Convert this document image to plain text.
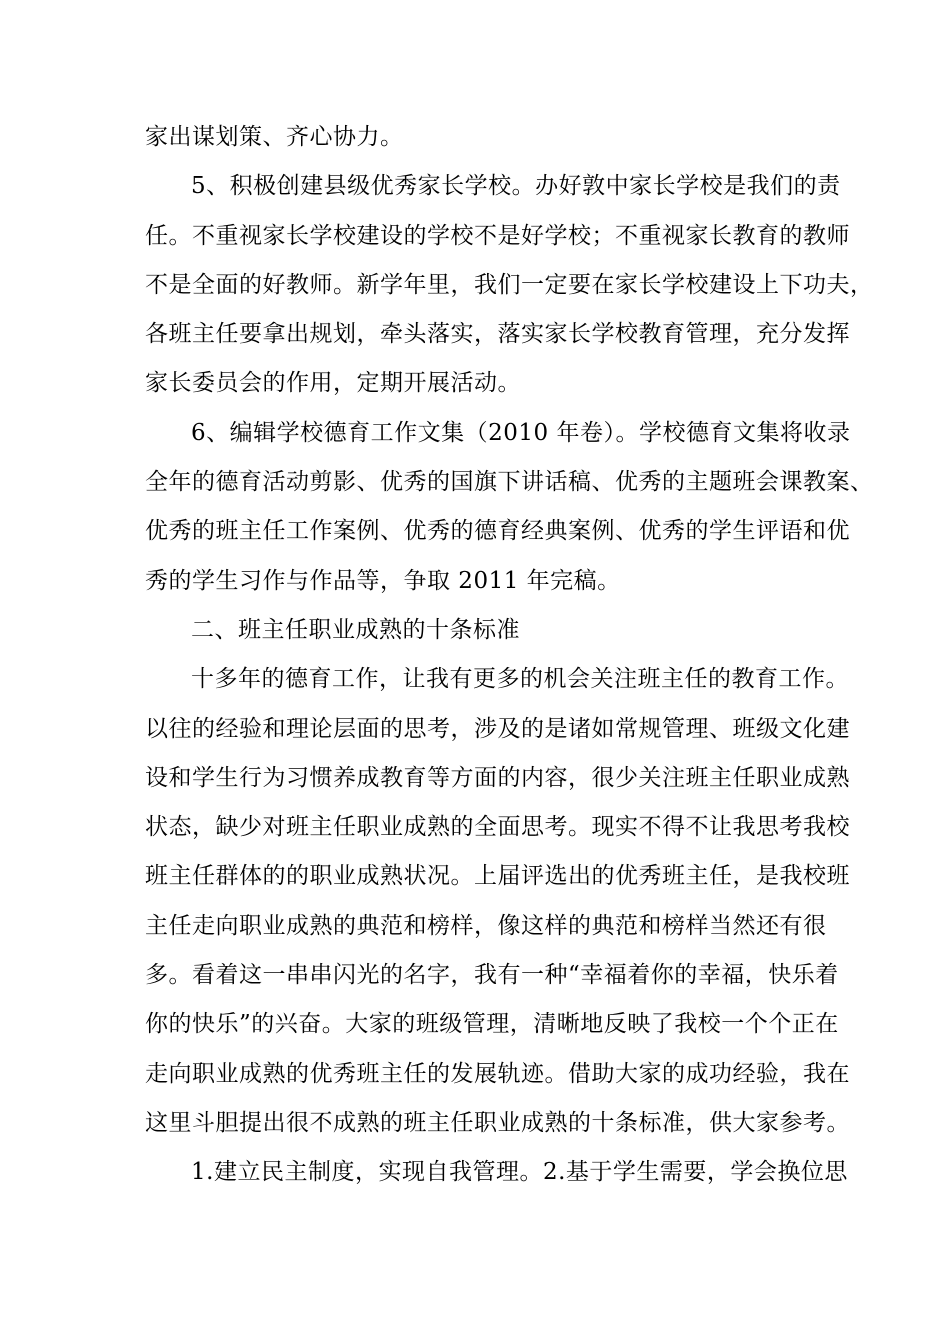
家出谋划策、齐心协力。
5、积极创建县级优秀家长学校。办好敦中家长学校是我们的责
任。不重视家长学校建设的学校不是好学校；不重视家长教育的教师
不是全面的好教师。新学年里，我们一定要在家长学校建设上下功夫，
各班主任要拿出规划，牵头落实，落实家长学校教育管理，充分发挥
家长委员会的作用，定期开展活动。
6、编辑学校德育工作文集（2010 年卷）。学校德育文集将收录
全年的德育活动剪影、优秀的国旗下讲话稿、优秀的主题班会课教案、
优秀的班主任工作案例、优秀的德育经典案例、优秀的学生评语和优
秀的学生习作与作品等，争取 2011 年完稿。
二、班主任职业成熟的十条标准
十多年的德育工作，让我有更多的机会关注班主任的教育工作。
以往的经验和理论层面的思考，涉及的是诸如常规管理、班级文化建
设和学生行为习惯养成教育等方面的内容，很少关注班主任职业成熟
状态，缺少对班主任职业成熟的全面思考。现实不得不让我思考我校
班主任群体的的职业成熟状况。上届评选出的优秀班主任，是我校班
主任走向职业成熟的典范和榜样，像这样的典范和榜样当然还有很
多。看着这一串串闪光的名字，我有一种“幸福着你的幸福，快乐着
你的快乐”的兴奋。大家的班级管理，清晰地反映了我校一个个正在
走向职业成熟的优秀班主任的发展轨迹。借助大家的成功经验，我在
这里斗胆提出很不成熟的班主任职业成熟的十条标准，供大家参考。
1.建立民主制度，实现自我管理。2.基于学生需要，学会换位思
